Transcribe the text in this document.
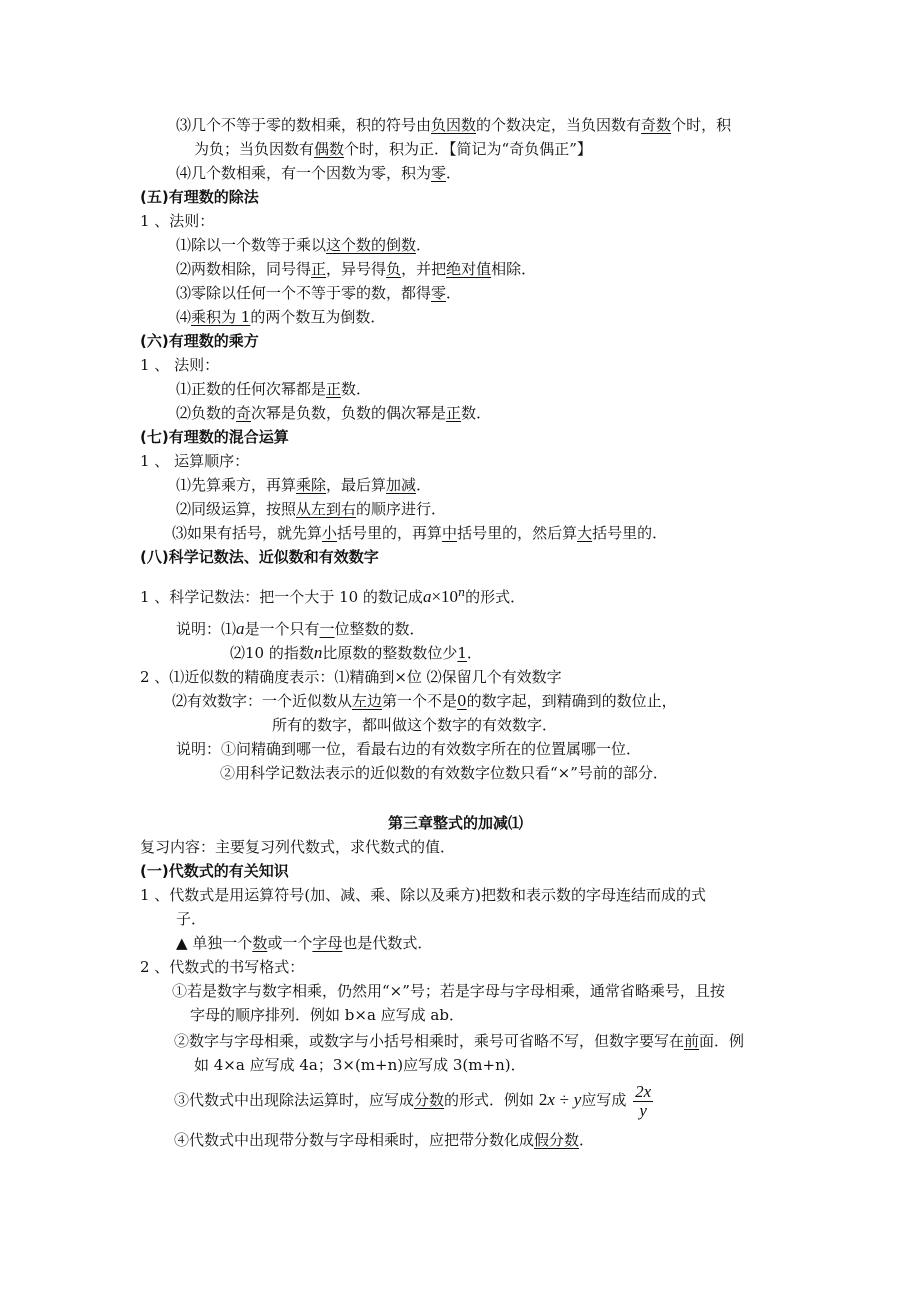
⑶几个不等于零的数相乘，积的符号由负因数的个数决定，当负因数有奇数个时，积
为负；当负因数有偶数个时，积为正．【简记为“奇负偶正”】
⑷几个数相乘，有一个因数为零，积为零．
(五)有理数的除法
1 、法则：
⑴除以一个数等于乘以这个数的倒数．
⑵两数相除，同号得正，异号得负，并把绝对值相除．
⑶零除以任何一个不等于零的数，都得零．
⑷乘积为 1的两个数互为倒数．
(六)有理数的乘方
1 、 法则：
⑴正数的任何次幂都是正数．
⑵负数的奇次幂是负数，负数的偶次幂是正数．
(七)有理数的混合运算
1 、 运算顺序：
⑴先算乘方，再算乘除，最后算加减．
⑵同级运算，按照从左到右的顺序进行．
⑶如果有括号，就先算小括号里的，再算中括号里的，然后算大括号里的．
(八)科学记数法、近似数和有效数字
1 、科学记数法：把一个大于 10 的数记成$a\times 10^n$的形式．
说明：⑴a是一个只有一位整数的数．
⑵10 的指数n比原数的整数数位少1．
2 、⑴近似数的精确度表示：⑴精确到×位 ⑵保留几个有效数字
⑵有效数字：一个近似数从左边第一个不是0的数字起，到精确到的数位止，
所有的数字，都叫做这个数字的有效数字．
说明：①问精确到哪一位，看最右边的有效数字所在的位置属哪一位．
②用科学记数法表示的近似数的有效数字位数只看“×”号前的部分．
第三章整式的加减⑴
复习内容：主要复习列代数式，求代数式的值．
(一)代数式的有关知识
1 、代数式是用运算符号(加、减、乘、除以及乘方)把数和表示数的字母连结而成的式
子．
▲ 单独一个数或一个字母也是代数式．
2 、代数式的书写格式：
①若是数字与数字相乘，仍然用“×”号；若是字母与字母相乘，通常省略乘号，且按
字母的顺序排列．例如 b×a 应写成 ab．
②数字与字母相乘，或数字与小括号相乘时，乘号可省略不写，但数字要写在前面．例
如 4×a 应写成 4a；3×(m+n)应写成 3(m+n)．
③代数式中出现除法运算时，应写成分数的形式．例如 2x ÷ y应写成 $\frac{2x}{y}$
④代数式中出现带分数与字母相乘时，应把带分数化成假分数．
